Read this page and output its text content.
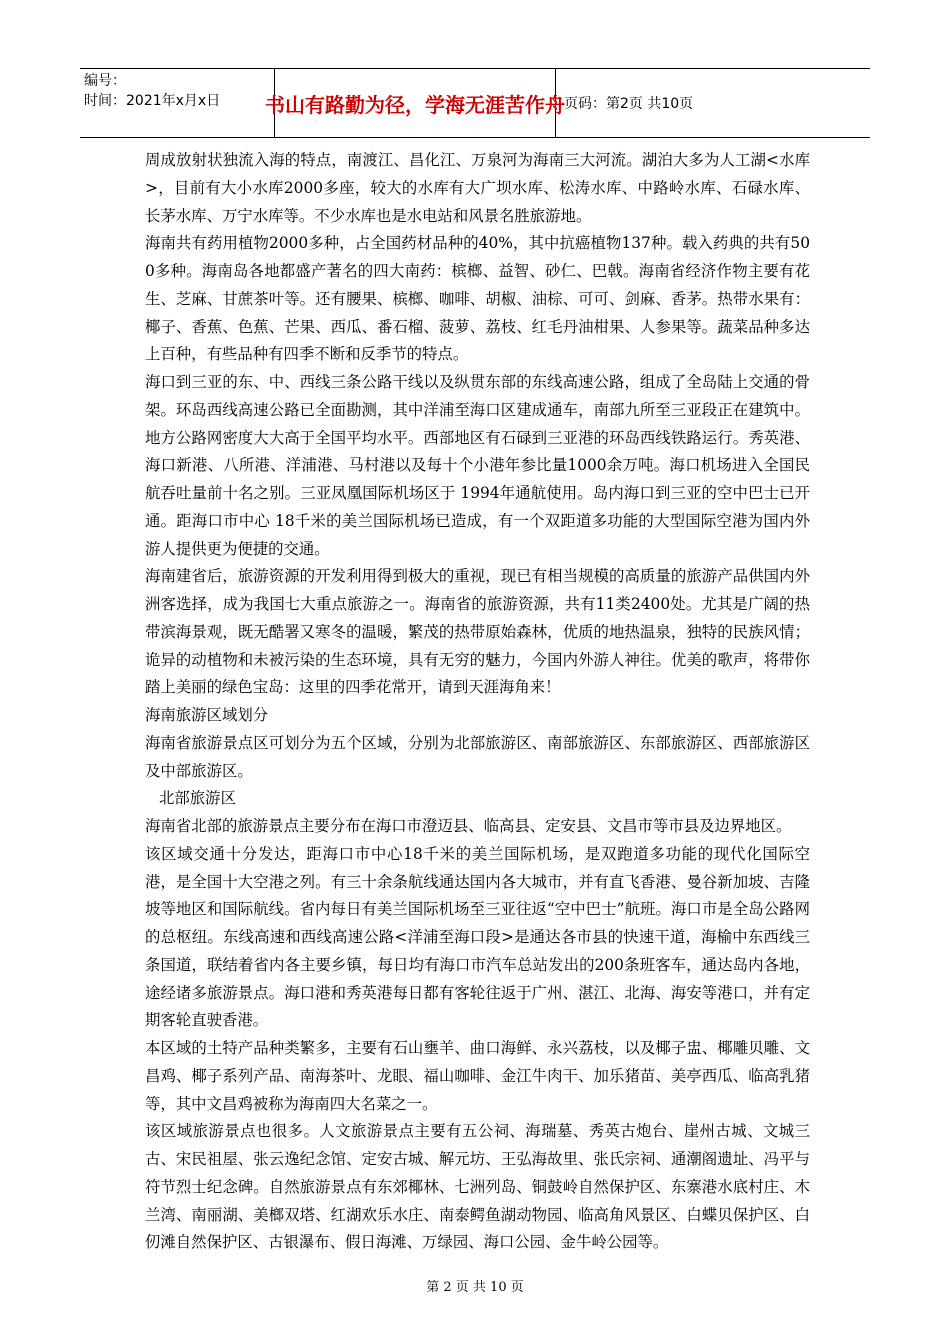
编号：
时间：2021年x月x日 书山有路勤为径，学海无涯苦作舟 页码：第2页 共10页

周成放射状独流入海的特点，南渡江、昌化江、万泉河为海南三大河流。湖泊大多为人工湖<水库>，目前有大小水库2000多座，较大的水库有大广坝水库、松涛水库、中路岭水库、石碌水库、长茅水库、万宁水库等。不少水库也是水电站和风景名胜旅游地。

海南共有药用植物2000多种，占全国药材品种的40%，其中抗癌植物137种。载入药典的共有500多种。海南岛各地都盛产著名的四大南药：槟榔、益智、砂仁、巴戟。海南省经济作物主要有花生、芝麻、甘蔗茶叶等。还有腰果、槟榔、咖啡、胡椒、油棕、可可、剑麻、香茅。热带水果有：椰子、香蕉、色蕉、芒果、西瓜、番石榴、菠萝、荔枝、红毛丹油柑果、人参果等。蔬菜品种多达上百种，有些品种有四季不断和反季节的特点。

海口到三亚的东、中、西线三条公路干线以及纵贯东部的东线高速公路，组成了全岛陆上交通的骨架。环岛西线高速公路已全面勘测，其中洋浦至海口区建成通车，南部九所至三亚段正在建筑中。地方公路网密度大大高于全国平均水平。西部地区有石碌到三亚港的环岛西线铁路运行。秀英港、海口新港、八所港、洋浦港、马村港以及每十个小港年参比量1000余万吨。海口机场进入全国民航吞吐量前十名之别。三亚凤凰国际机场区于 1994年通航使用。岛内海口到三亚的空中巴士已开通。距海口市中心 18千米的美兰国际机场已造成，有一个双距道多功能的大型国际空港为国内外游人提供更为便捷的交通。

海南建省后，旅游资源的开发利用得到极大的重视，现已有相当规模的高质量的旅游产品供国内外洲客选择，成为我国七大重点旅游之一。海南省的旅游资源，共有11类2400处。尤其是广阔的热带滨海景观，既无酷署又寒冬的温暖，繁茂的热带原始森林，优质的地热温泉，独特的民族风情；诡异的动植物和未被污染的生态环境，具有无穷的魅力，今国内外游人神往。优美的歌声，将带你踏上美丽的绿色宝岛：这里的四季花常开，请到天涯海角来！

海南旅游区域划分

海南省旅游景点区可划分为五个区域，分别为北部旅游区、南部旅游区、东部旅游区、西部旅游区及中部旅游区。

北部旅游区

海南省北部的旅游景点主要分布在海口市澄迈县、临高县、定安县、文昌市等市县及边界地区。

该区域交通十分发达，距海口市中心18千米的美兰国际机场，是双跑道多功能的现代化国际空港，是全国十大空港之列。有三十余条航线通达国内各大城市，并有直飞香港、曼谷新加坡、吉隆坡等地区和国际航线。省内每日有美兰国际机场至三亚往返“空中巴士”航班。海口市是全岛公路网的总枢纽。东线高速和西线高速公路<洋浦至海口段>是通达各市县的快速干道，海榆中东西线三条国道，联结着省内各主要乡镇，每日均有海口市汽车总站发出的200条班客车，通达岛内各地，途经诸多旅游景点。海口港和秀英港每日都有客轮往返于广州、湛江、北海、海安等港口，并有定期客轮直驶香港。

本区域的土特产品种类繁多，主要有石山壅羊、曲口海鲜、永兴荔枝，以及椰子盅、椰雕贝雕、文昌鸡、椰子系列产品、南海茶叶、龙眼、福山咖啡、金江牛肉干、加乐猪苗、美亭西瓜、临高乳猪等，其中文昌鸡被称为海南四大名菜之一。

该区域旅游景点也很多。人文旅游景点主要有五公祠、海瑞墓、秀英古炮台、崖州古城、文城三古、宋民祖屋、张云逸纪念馆、定安古城、解元坊、王弘海故里、张氏宗祠、通潮阁遗址、冯平与符节烈士纪念碑。自然旅游景点有东郊椰林、七洲列岛、铜鼓岭自然保护区、东寨港水底村庄、木兰湾、南丽湖、美榔双塔、红湖欢乐水庄、南泰鳄鱼湖动物园、临高角风景区、白蝶贝保护区、白仞滩自然保护区、古银瀑布、假日海滩、万绿园、海口公园、金牛岭公园等。

第 2 页 共 10 页
